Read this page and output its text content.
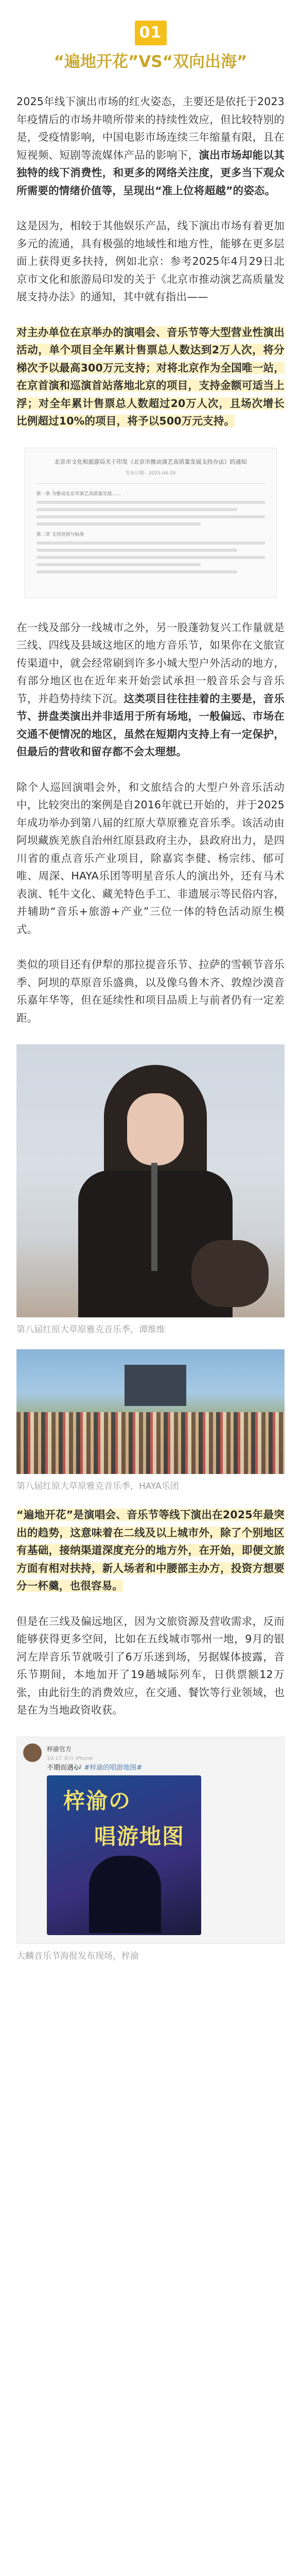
01
“遍地开花”VS“双向出海”

2025年线下演出市场的红火姿态，主要还是依托于2023年疫情后的市场井喷所带来的持续性效应，但比较特别的是，受疫情影响，中国电影市场连续三年缩量有限，且在短视频、短剧等流媒体产品的影响下，演出市场却能以其独特的线下消费性，和更多的网络关注度，更多当下观众所需要的情绪价值等，呈现出“准上位将超越”的姿态。

这是因为，相较于其他娱乐产品，线下演出市场有着更加多元的流通，具有极强的地域性和地方性，能够在更多层面上获得更多扶持，例如北京：参考2025年4月29日北京市文化和旅游局印发的关于《北京市推动演艺高质量发展支持办法》的通知，其中就有指出——

对主办单位在京举办的演唱会、音乐节等大型营业性演出活动，单个项目全年累计售票总人数达到2万人次，将分梯次予以最高300万元支持；对将北京作为全国唯一站，在京首演和巡演首站落地北京的项目，支持金额可适当上浮；对全年累计售票总人数超过20万人次，且场次增长比例超过10%的项目，将予以500万元支持。

北京市文化和旅游局关于印发《北京市推动演艺高质量发展支持办法》的通知
发布日期：2025-04-29
第一条 为推动北京市演艺高质量发展……
第二章 支持范围与标准

在一线及部分一线城市之外，另一股蓬勃复兴工作量就是三线、四线及县域这地区的地方音乐节，如果你在文旅宣传渠道中，就会经常刷到许多小城大型户外活动的地方，有部分地区也在近年来开始尝试承担一般音乐会与音乐节，并趋势持续下沉。这类项目往往挂着的主要是，音乐节、拼盘类演出并非适用于所有场地，一般偏远、市场在交通不便情况的地区，虽然在短期内支持上有一定保护，但最后的营收和留存都不会太理想。

除个人巡回演唱会外，和文旅结合的大型户外音乐活动中，比较突出的案例是自2016年就已开始的，并于2025年成功举办到第八届的红原大草原雅克音乐季。该活动由阿坝藏族羌族自治州红原县政府主办，县政府出力，是四川省的重点音乐产业项目，除嘉宾李健、杨宗纬、郁可唯、周深、HAYA乐团等明星音乐人的演出外，还有马术表演、牦牛文化、藏羌特色手工、非遗展示等民俗内容，并辅助“音乐+旅游+产业”三位一体的特色活动原生模式。

类似的项目还有伊犁的那拉提音乐节、拉萨的雪顿节音乐季、阿坝的草原音乐盛典，以及像乌鲁木齐、敦煌沙漠音乐嘉年华等，但在延续性和项目品质上与前者仍有一定差距。

第八届红原大草原雅克音乐季，谭维维
第八届红原大草原雅克音乐季，HAYA乐团

“遍地开花”是演唱会、音乐节等线下演出在2025年最突出的趋势，这意味着在二线及以上城市外，除了个别地区有基础，接纳渠道深度充分的地方外，在开始，即便文旅方面有相对扶持，新人场者和中腰部主办方，投资方想要分一杯羹，也很容易。

但是在三线及偏远地区，因为文旅资源及营收需求，反而能够获得更多空间，比如在五线城市鄂州一地，9月的银河左岸音乐节就吸引了6万乐迷到场，另据媒体披露，音乐节期间，本地加开了19趟城际列车，日供票额12万张，由此衍生的消费效应，在交通、餐饮等行业领域，也是在为当地政资收获。

梓渝官方
10-17 来自 iPhone
不期而遇🎶 #梓渝的唱游地图#
梓渝の
唱游地图
大麟音乐节海报发布现场，梓渝
